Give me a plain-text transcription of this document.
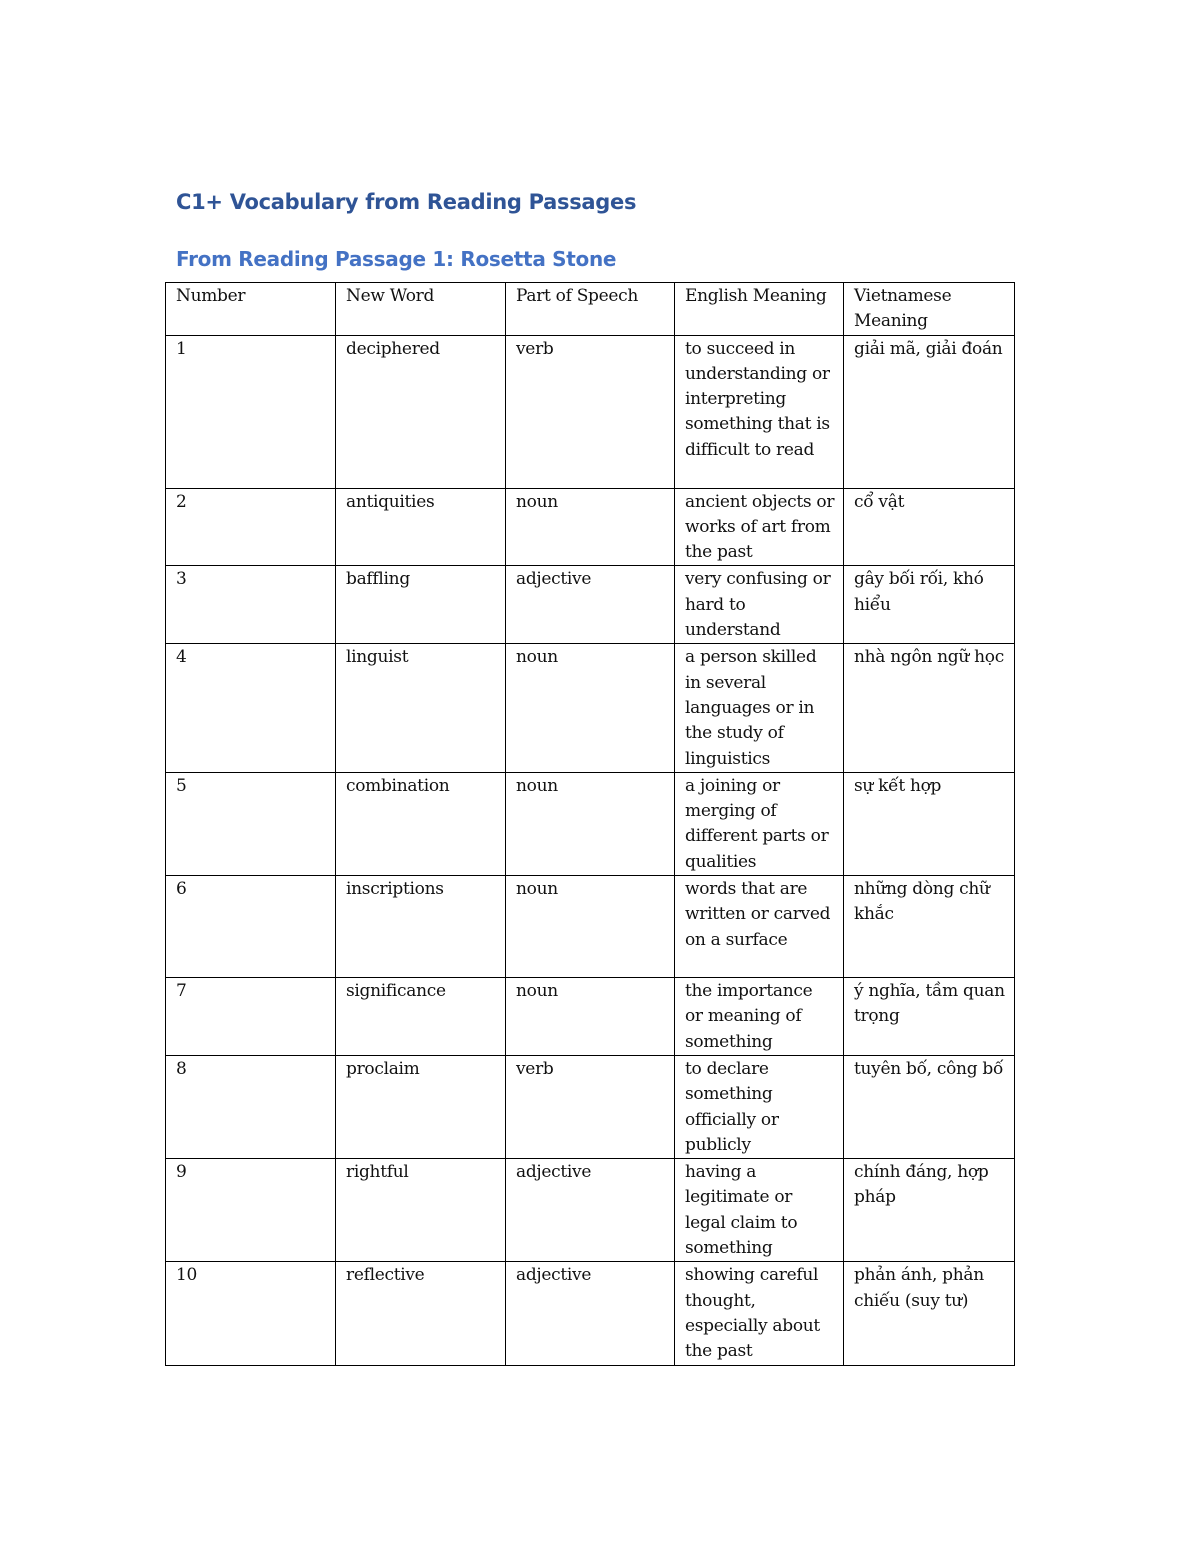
C1+ Vocabulary from Reading Passages
From Reading Passage 1: Rosetta Stone
Number	New Word	Part of Speech	English Meaning	Vietnamese Meaning
1	deciphered	verb	to succeed in understanding or interpreting something that is difficult to read	giải mã, giải đoán
2	antiquities	noun	ancient objects or works of art from the past	cổ vật
3	baffling	adjective	very confusing or hard to understand	gây bối rối, khó hiểu
4	linguist	noun	a person skilled in several languages or in the study of linguistics	nhà ngôn ngữ học
5	combination	noun	a joining or merging of different parts or qualities	sự kết hợp
6	inscriptions	noun	words that are written or carved on a surface	những dòng chữ khắc
7	significance	noun	the importance or meaning of something	ý nghĩa, tầm quan trọng
8	proclaim	verb	to declare something officially or publicly	tuyên bố, công bố
9	rightful	adjective	having a legitimate or legal claim to something	chính đáng, hợp pháp
10	reflective	adjective	showing careful thought, especially about the past	phản ánh, phản chiếu (suy tư)
